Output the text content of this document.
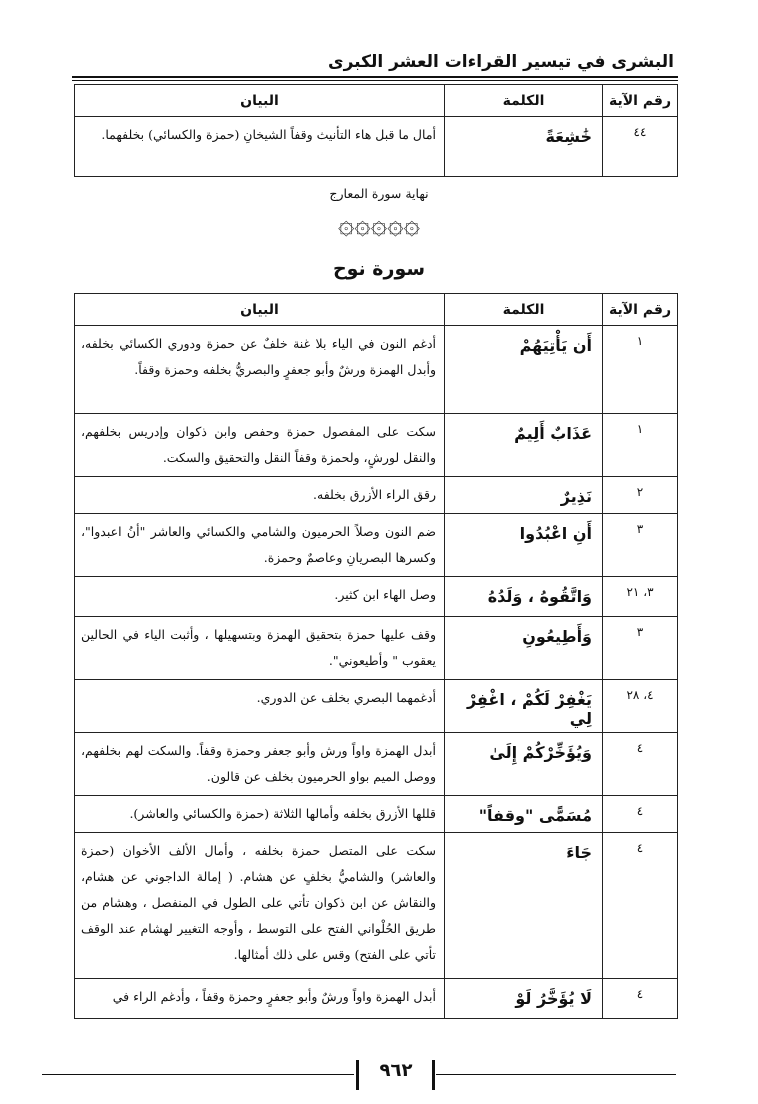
البشرى في تيسير القراءات العشر الكبرى
رقم الآية	الكلمة	البيان
٤٤	خَٰشِعَةً	أمال ما قبل هاء التأنيث وقفاً الشيخانِ (حمزة والكسائي) بخلفهما.
نهاية سورة المعارج
۞۞۞۞۞
سورة نوح
رقم الآية	الكلمة	البيان
١	أَن يَأْتِيَهُمْ	أدغم النون في الياء بلا غنة خلفٌ عن حمزة ودوري الكسائي بخلفه، وأبدل الهمزة ورشٌ وأبو جعفرٍ والبصريُّ بخلفه وحمزة وقفاً.
١	عَذَابٌ أَلِيمٌ	سكت على المفصول حمزة وحفص وابن ذكوان وإدريس بخلفهم، والنقل لورشٍ، ولحمزة وقفاً النقل والتحقيق والسكت.
٢	نَذِيرٌ	رقق الراء الأزرق بخلفه.
٣	أَنِ اعْبُدُوا	ضم النون وصلاً الحرميون والشامي والكسائي والعاشر "أنُ اعبدوا"، وكسرها البصريانِ وعاصمٌ وحمزة.
٣، ٢١	وَاتَّقُوهُ ، وَلَدُهُ	وصل الهاء ابن كثير.
٣	وَأَطِيعُونِ	وقف عليها حمزة بتحقيق الهمزة وبتسهيلها ، وأثبت الياء في الحالين يعقوب " وأطيعوني".
٤، ٢٨	يَغْفِرْ لَكُمْ ، اغْفِرْ لِي	أدغمهما البصري بخلف عن الدوري.
٤	وَيُؤَخِّرْكُمْ إِلَىٰ	أبدل الهمزة واواً ورش وأبو جعفر وحمزة وقفاً. والسكت لهم بخلفهم، ووصل الميم بواو الحرميون بخلف عن قالون.
٤	مُسَمًّى "وقفاً"	قللها الأزرق بخلفه وأمالها الثلاثة (حمزة والكسائي والعاشر).
٤	جَاءَ	سكت على المتصل حمزة بخلفه ، وأمال الألف الأخوان (حمزة والعاشر) والشاميُّ بخلفٍ عن هشام. ( إمالة الداجوني عن هشام، والنقاش عن ابن ذكوان تأتي على الطول في المنفصل ، وهشام من طريق الحُلْواني الفتح على التوسط ، وأوجه التغيير لهشام عند الوقف تأتي على الفتح) وقس على ذلك أمثالها.
٤	لَا يُؤَخَّرُ لَوْ	أبدل الهمزة واواً ورشٌ وأبو جعفرٍ وحمزة وقفاً ، وأدغم الراء في
٩٦٢
